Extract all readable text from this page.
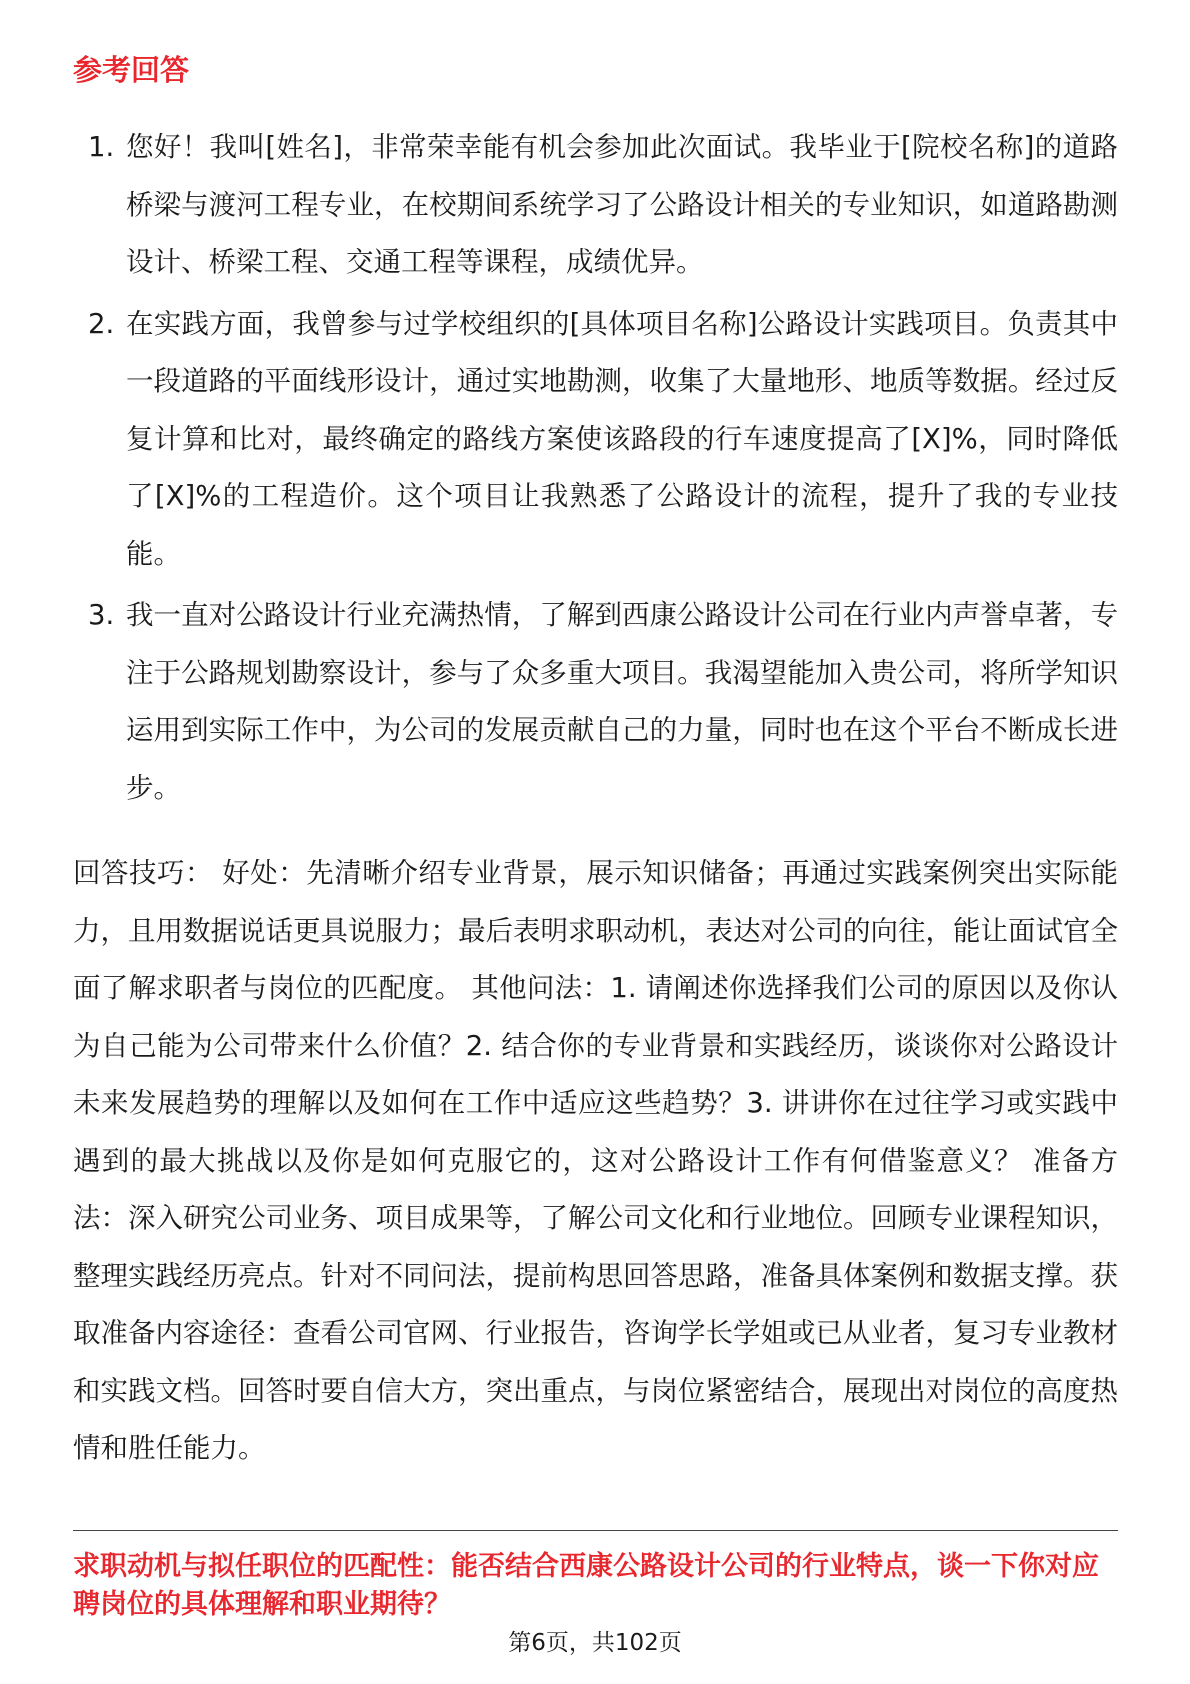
参考回答
1. 您好！我叫[姓名]，非常荣幸能有机会参加此次面试。我毕业于[院校名称]的道路桥梁与渡河工程专业，在校期间系统学习了公路设计相关的专业知识，如道路勘测设计、桥梁工程、交通工程等课程，成绩优异。
2. 在实践方面，我曾参与过学校组织的[具体项目名称]公路设计实践项目。负责其中一段道路的平面线形设计，通过实地勘测，收集了大量地形、地质等数据。经过反复计算和比对，最终确定的路线方案使该路段的行车速度提高了[X]%，同时降低了[X]%的工程造价。这个项目让我熟悉了公路设计的流程，提升了我的专业技能。
3. 我一直对公路设计行业充满热情，了解到西康公路设计公司在行业内声誉卓著，专注于公路规划勘察设计，参与了众多重大项目。我渴望能加入贵公司，将所学知识运用到实际工作中，为公司的发展贡献自己的力量，同时也在这个平台不断成长进步。

回答技巧： 好处：先清晰介绍专业背景，展示知识储备；再通过实践案例突出实际能力，且用数据说话更具说服力；最后表明求职动机，表达对公司的向往，能让面试官全面了解求职者与岗位的匹配度。 其他问法：1. 请阐述你选择我们公司的原因以及你认为自己能为公司带来什么价值？2. 结合你的专业背景和实践经历，谈谈你对公路设计未来发展趋势的理解以及如何在工作中适应这些趋势？3. 讲讲你在过往学习或实践中遇到的最大挑战以及你是如何克服它的，这对公路设计工作有何借鉴意义？ 准备方法：深入研究公司业务、项目成果等，了解公司文化和行业地位。回顾专业课程知识，整理实践经历亮点。针对不同问法，提前构思回答思路，准备具体案例和数据支撑。获取准备内容途径：查看公司官网、行业报告，咨询学长学姐或已从业者，复习专业教材和实践文档。回答时要自信大方，突出重点，与岗位紧密结合，展现出对岗位的高度热情和胜任能力。

求职动机与拟任职位的匹配性：能否结合西康公路设计公司的行业特点，谈一下你对应聘岗位的具体理解和职业期待？

第6页，共102页
